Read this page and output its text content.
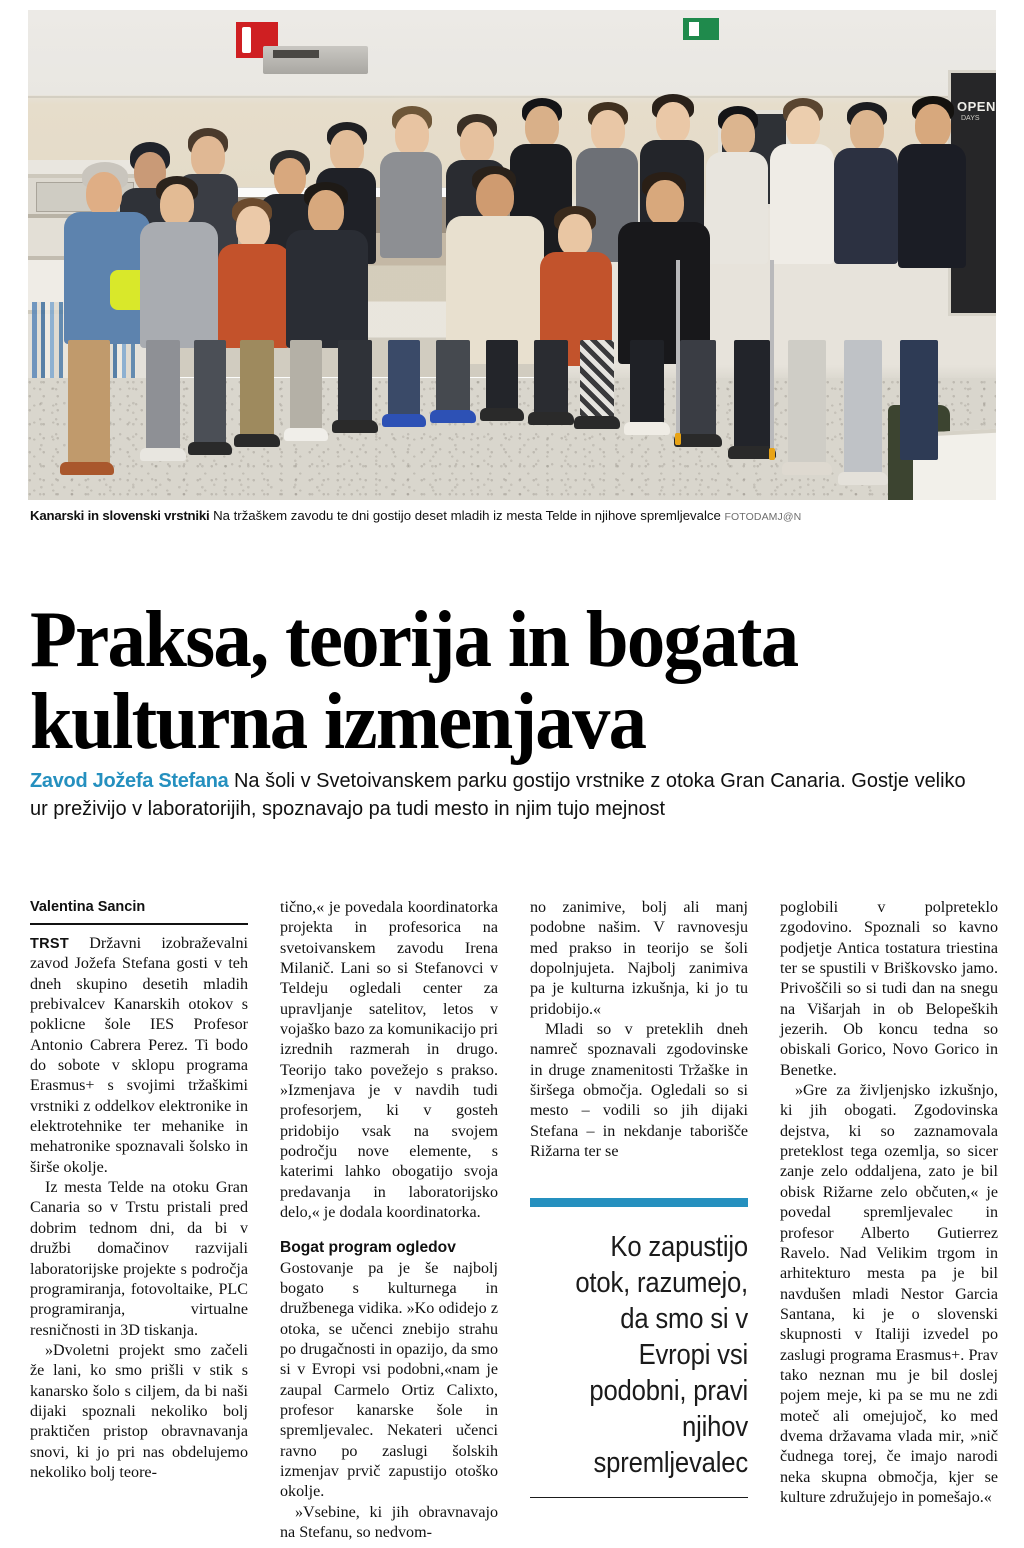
OPEN
DAYS
Kanarski in slovenski vrstniki Na tržaškem zavodu te dni gostijo deset mladih iz mesta Telde in njihove spremljevalce FOTODAMJ@N
Praksa, teorija in bogata kulturna izmenjava
Zavod Jožefa Stefana Na šoli v Svetoivanskem parku gostijo vrstnike z otoka Gran Canaria. Gostje veliko ur preživijo v laboratorijih, spoznavajo pa tudi mesto in njim tujo mejnost
Valentina Sancin

TRST Državni izobraževalni zavod Jožefa Stefana gosti v teh dneh skupino desetih mladih prebivalcev Kanarskih otokov s poklicne šole IES Profesor Antonio Cabrera Perez. Ti bodo do sobote v sklopu programa Erasmus+ s svojimi tržaškimi vrstniki z oddelkov elektronike in elektrotehnike ter mehanike in mehatronike spoznavali šolsko in širše okolje.

Iz mesta Telde na otoku Gran Canaria so v Trstu pristali pred dobrim tednom dni, da bi v družbi domačinov razvijali laboratorijske projekte s področja programiranja, fotovoltaike, PLC programiranja, virtualne resničnosti in 3D tiskanja.

»Dvoletni projekt smo začeli že lani, ko smo prišli v stik s kanarsko šolo s ciljem, da bi naši dijaki spoznali nekoliko bolj praktičen pristop obravnavanja snovi, ki jo pri nas obdelujemo nekoliko bolj teore-

tično,« je povedala koordinatorka projekta in profesorica na svetoivanskem zavodu Irena Milanič. Lani so si Stefanovci v Teldeju ogledali center za upravljanje satelitov, letos v vojaško bazo za komunikacijo pri izrednih razmerah in drugo. Teorijo tako povežejo s prakso. »Izmenjava je v navdih tudi profesorjem, ki v gosteh pridobijo vsak na svojem področju nove elemente, s katerimi lahko obogatijo svoja predavanja in laboratorijsko delo,« je dodala koordinatorka.

Bogat program ogledov

Gostovanje pa je še najbolj bogato s kulturnega in družbenega vidika. »Ko odidejo z otoka, se učenci znebijo strahu po drugačnosti in opazijo, da smo si v Evropi vsi podobni,«nam je zaupal Carmelo Ortiz Calixto, profesor kanarske šole in spremljevalec. Nekateri učenci ravno po zaslugi šolskih izmenjav prvič zapustijo otoško okolje.

»Vsebine, ki jih obravnavajo na Stefanu, so nedvom-

no zanimive, bolj ali manj podobne našim. V ravnovesju med prakso in teorijo se šoli dopolnjujeta. Najbolj zanimiva pa je kulturna izkušnja, ki jo tu pridobijo.«

Mladi so v preteklih dneh namreč spoznavali zgodovinske in druge znamenitosti Tržaške in širšega območja. Ogledali so si mesto – vodili so jih dijaki Stefana – in nekdanje taborišče Rižarna ter se

poglobili v polpreteklo zgodovino. Spoznali so kavno podjetje Antica tostatura triestina ter se spustili v Briškovsko jamo. Privoščili so si tudi dan na snegu na Višarjah in ob Belopeških jezerih. Ob koncu tedna so obiskali Gorico, Novo Gorico in Benetke.

»Gre za življenjsko izkušnjo, ki jih obogati. Zgodovinska dejstva, ki so zaznamovala preteklost tega ozemlja, so sicer zanje zelo oddaljena, zato je bil obisk Rižarne zelo občuten,« je povedal spremljevalec in profesor Alberto Gutierrez Ravelo. Nad Velikim trgom in arhitekturo mesta pa je bil navdušen mladi Nestor Garcia Santana, ki je o slovenski skupnosti v Italiji izvedel po zaslugi programa Erasmus+. Prav tako neznan mu je bil doslej pojem meje, ki pa se mu ne zdi moteč ali omejujoč, ko med dvema državama vlada mir, »nič čudnega torej, če imajo narodi neka skupna območja, kjer se kulture združujejo in pomešajo.«

Ko zapustijo otok, razumejo, da smo si v Evropi vsi podobni, pravi njihov spremljevalec
